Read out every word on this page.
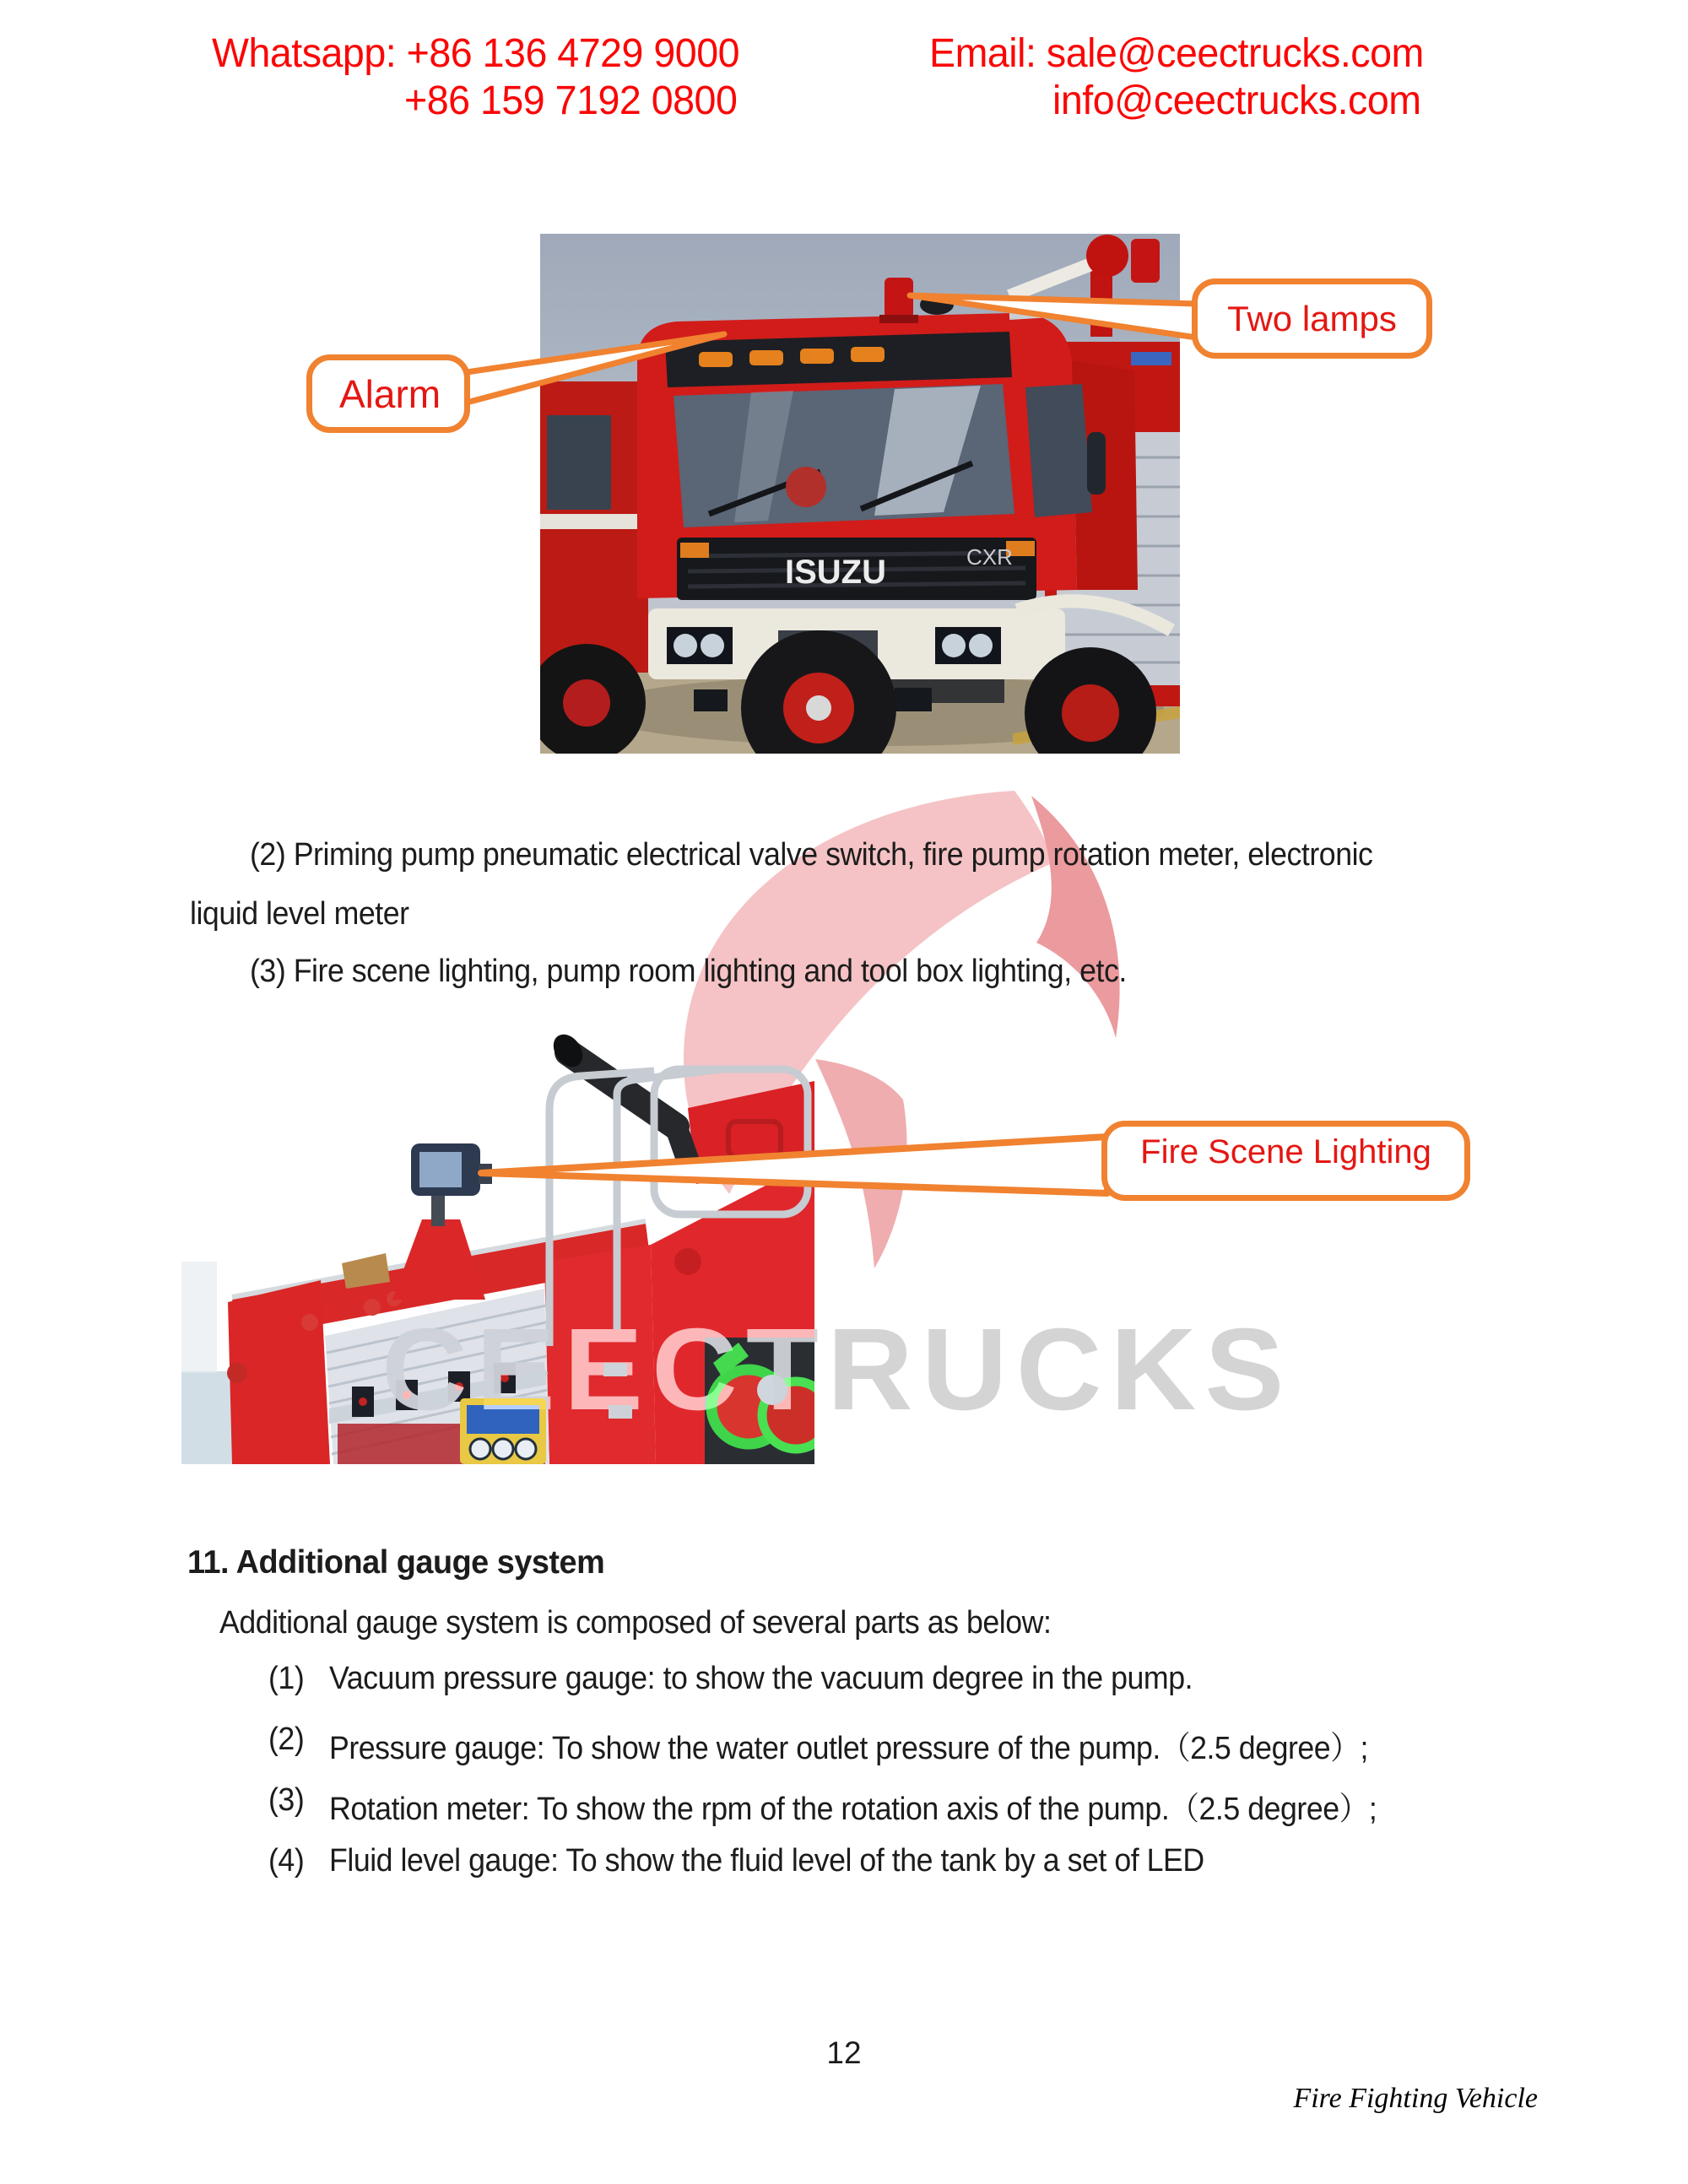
Whatsapp: +86 136 4729 9000
+86 159 7192 0800
Email: sale@ceectrucks.com
info@ceectrucks.com
ISUZU	CXR
(2) Priming pump pneumatic electrical valve switch, fire pump rotation meter, electronic
liquid level meter
(3) Fire scene lighting, pump room lighting and tool box lighting, etc.
CEECTRUCKS
Alarm
Two lamps
Fire Scene Lighting
11. Additional gauge system
Additional gauge system is composed of several parts as below:
(1) Vacuum pressure gauge: to show the vacuum degree in the pump.
(2) Pressure gauge: To show the water outlet pressure of the pump.（2.5 degree）;
(3) Rotation meter: To show the rpm of the rotation axis of the pump.（2.5 degree）;
(4) Fluid level gauge: To show the fluid level of the tank by a set of LED
12
Fire Fighting Vehicle
